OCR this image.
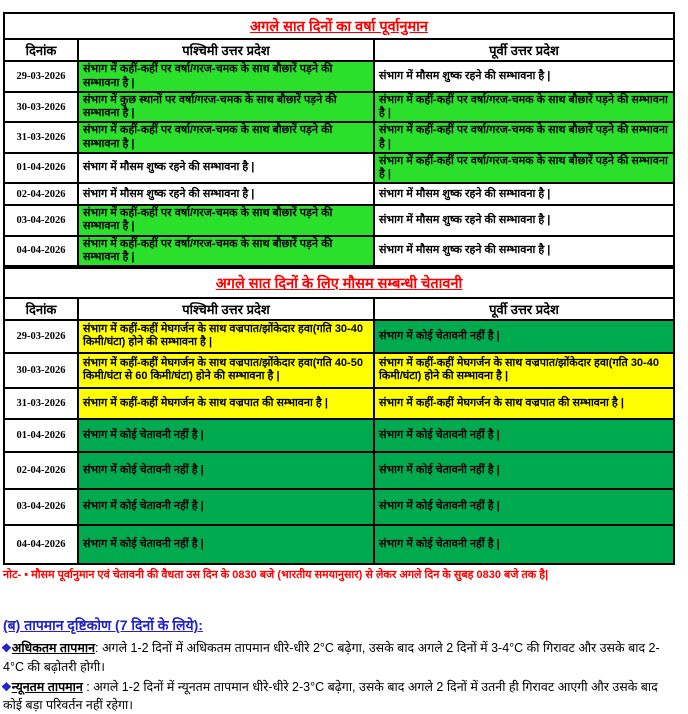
अगले सात दिनों का वर्षा पूर्वानुमान		
दिनांक	पश्चिमी उत्तर प्रदेश	पूर्वी उत्तर प्रदेश
29-03-2026	संभाग में कहीं-कहीं पर वर्षा/गरज-चमक के साथ बौछारें पड़ने की सम्भावना है |	संभाग में मौसम शुष्क रहने की सम्भावना है |
30-03-2026	संभाग में कुछ स्थानों पर वर्षा/गरज-चमक के साथ बौछारें पड़ने की सम्भावना है |	संभाग में कहीं-कहीं पर वर्षा/गरज-चमक के साथ बौछारें पड़ने की सम्भावना है |
31-03-2026	संभाग में कहीं-कहीं पर वर्षा/गरज-चमक के साथ बौछारें पड़ने की सम्भावना है |	संभाग में कहीं-कहीं पर वर्षा/गरज-चमक के साथ बौछारें पड़ने की सम्भावना है |
01-04-2026	संभाग में मौसम शुष्क रहने की सम्भावना है |	संभाग में कहीं-कहीं पर वर्षा/गरज-चमक के साथ बौछारें पड़ने की सम्भावना है |
02-04-2026	संभाग में मौसम शुष्क रहने की सम्भावना है |	संभाग में मौसम शुष्क रहने की सम्भावना है |
03-04-2026	संभाग में कहीं-कहीं पर वर्षा/गरज-चमक के साथ बौछारें पड़ने की सम्भावना है |	संभाग में मौसम शुष्क रहने की सम्भावना है |
04-04-2026	संभाग में कहीं-कहीं पर वर्षा/गरज-चमक के साथ बौछारें पड़ने की सम्भावना है |	संभाग में मौसम शुष्क रहने की सम्भावना है |
अगले सात दिनों के लिए मौसम सम्बन्धी चेतावनी		
दिनांक	पश्चिमी उत्तर प्रदेश	पूर्वी उत्तर प्रदेश
29-03-2026	संभाग में कहीं-कहीं मेघगर्जन के साथ वज्रपात/झोंकेदार हवा(गति 30-40 किमी/घंटा) होने की सम्भावना है |	संभाग में कोई चेतावनी नहीं है |
30-03-2026	संभाग में कहीं-कहीं मेघगर्जन के साथ वज्रपात/झोंकेदार हवा(गति 40-50 किमी/घंटा से 60 किमी/घंटा) होने की सम्भावना है |	संभाग में कहीं-कहीं मेघगर्जन के साथ वज्रपात/झोंकेदार हवा(गति 30-40 किमी/घंटा) होने की सम्भावना है |
31-03-2026	संभाग में कहीं-कहीं मेघगर्जन के साथ वज्रपात की सम्भावना है |	संभाग में कहीं-कहीं मेघगर्जन के साथ वज्रपात की सम्भावना है |
01-04-2026	संभाग में कोई चेतावनी नहीं है |	संभाग में कोई चेतावनी नहीं है |
02-04-2026	संभाग में कोई चेतावनी नहीं है |	संभाग में कोई चेतावनी नहीं है |
03-04-2026	संभाग में कोई चेतावनी नहीं है |	संभाग में कोई चेतावनी नहीं है |
04-04-2026	संभाग में कोई चेतावनी नहीं है |	संभाग में कोई चेतावनी नहीं है |

नोट- • मौसम पूर्वानुमान एवं चेतावनी की वैधता उस दिन के 0830 बजे (भारतीय समयानुसार) से लेकर अगले दिन के सुबह 0830 बजे तक है|

(ब) तापमान दृष्टिकोण (7 दिनों के लिये):
❖अधिकतम तापमान: अगले 1-2 दिनों में अधिकतम तापमान धीरे-धीरे 2°C बढ़ेगा, उसके बाद अगले 2 दिनों में 3-4°C की गिरावट और उसके बाद 2-4°C की बढ़ोतरी होगी।
❖न्यूनतम तापमान : अगले 1-2 दिनों में न्यूनतम तापमान धीरे-धीरे 2-3°C बढ़ेगा, उसके बाद अगले 2 दिनों में उतनी ही गिरावट आएगी और उसके बाद कोई बड़ा परिवर्तन नहीं रहेगा।
